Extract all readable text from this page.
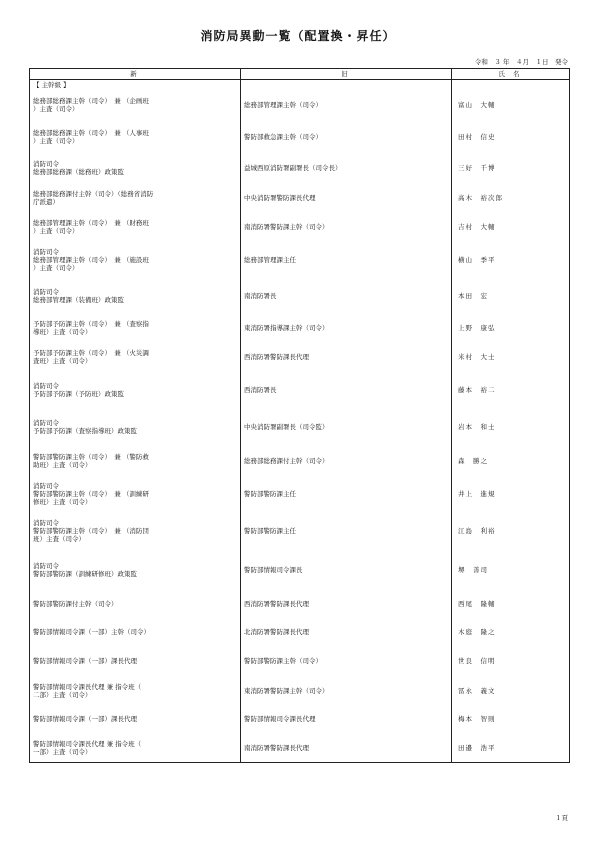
消防局異動一覧（配置換・昇任）
令和　３ 年　４月　１日　発令
新	旧	氏 名
【 主幹級 】		
総務部総務課主幹（司令）　兼 （企画班
）主査（司令）	総務部管理課主幹（司令）	富山　大輔
総務部総務課主幹（司令）　兼 （人事班
）主査（司令）	警防部救急課主幹（司令）	田村　信史
消防司令
総務部総務課（総務班）政策監	益城西原消防署副署長（司令長）	三好　千博
総務部総務課付主幹（司令）（総務省消防
庁派遣）	中央消防署警防課長代理	高木　裕次郎
総務部管理課主幹（司令）　兼 （財務班
）主査（司令）	南消防署警防課主幹（司令）	吉村　大輔
消防司令
総務部管理課主幹（司令）　兼 （施設班
）主査（司令）	総務部管理課主任	横山　季平
消防司令
総務部管理課（装備班）政策監	南消防署長	本田　宏
予防部予防課主幹（司令）　兼 （査察指
導班）主査（司令）	東消防署指導課主幹（司令）	上野　康弘
予防部予防課主幹（司令）　兼 （火災調
査班）主査（司令）	西消防署警防課長代理	米村　大士
消防司令
予防部予防課（予防班）政策監	西消防署長	藤本　裕二
消防司令
予防部予防課（査察指導班）政策監	中央消防署副署長（司令監）	岩本　和士
警防部警防課主幹（司令）　兼 （警防救
助班）主査（司令）	総務部総務課付主幹（司令）	森　勝之
消防司令
警防部警防課主幹（司令）　兼 （訓練研
修班）主査（司令）	警防部警防課主任	井上　進規
消防司令
警防部警防課主幹（司令）　兼 （消防団
班）主査（司令）	警防部警防課主任	江島　利裕
消防司令
警防部警防課（訓練研修班）政策監	警防部情報司令課長	堺　善司
警防部警防課付主幹（司令）	西消防署警防課長代理	西尾　隆輔
警防部情報司令課（一部）主幹（司令）	北消防署警防課長代理	木庭　隆之
警防部情報司令課（一部）課長代理	警防部警防課主幹（司令）	世良　信明
警防部情報司令課長代理 兼 指令班（
二部）主査（司令）	東消防署警防課主幹（司令）	冨永　義文
警防部情報司令課（一部）課長代理	警防部情報司令課長代理	梅本　智則
警防部情報司令課長代理 兼 指令班（
一部）主査（司令）	南消防署警防課長代理	田邉　浩平
１頁
